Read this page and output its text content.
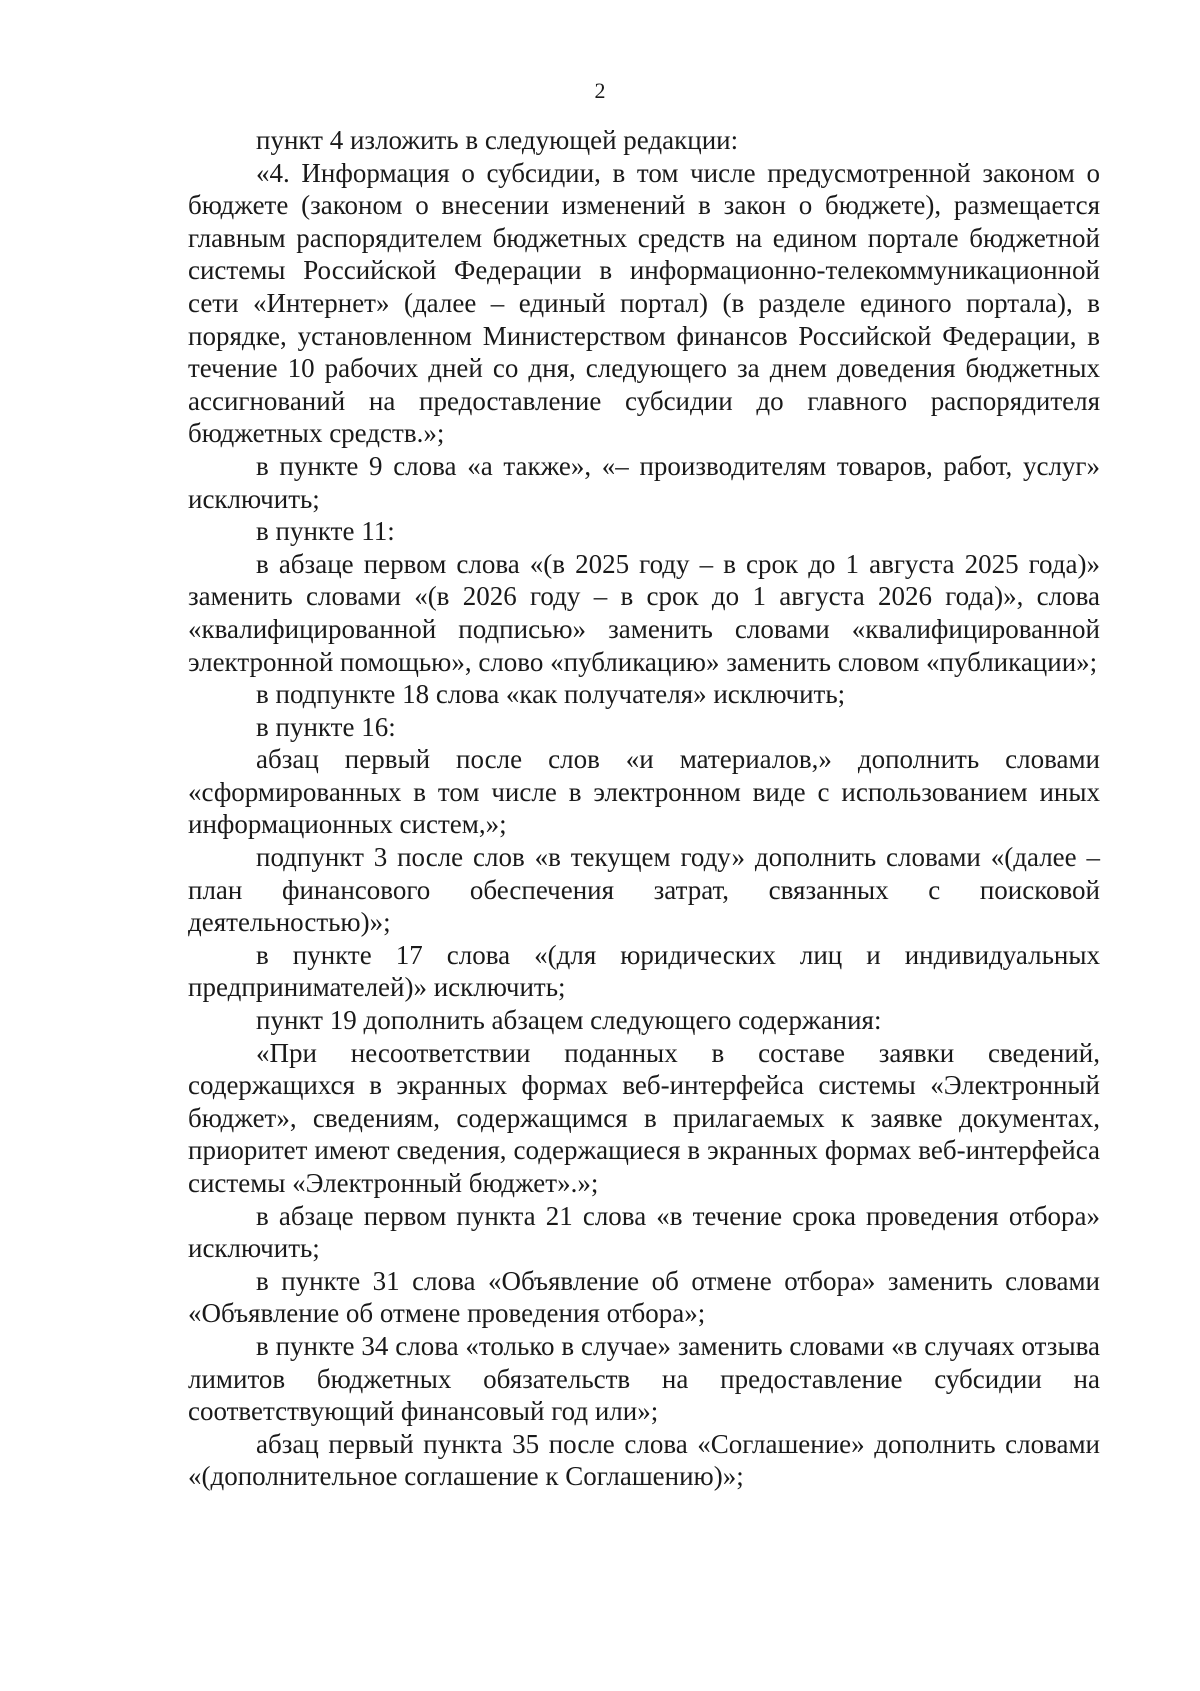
2

пункт 4 изложить в следующей редакции:

«4. Информация о субсидии, в том числе предусмотренной законом о бюджете (законом о внесении изменений в закон о бюджете), размещается главным распорядителем бюджетных средств на едином портале бюджетной системы Российской Федерации в информационно-телекоммуникационной сети «Интернет» (далее – единый портал) (в разделе единого портала), в порядке, установленном Министерством финансов Российской Федерации, в течение 10 рабочих дней со дня, следующего за днем доведения бюджетных ассигнований на предоставление субсидии до главного распорядителя бюджетных средств.»;

в пункте 9 слова «а также», «– производителям товаров, работ, услуг» исключить;

в пункте 11:

в абзаце первом слова «(в 2025 году – в срок до 1 августа 2025 года)» заменить словами «(в 2026 году – в срок до 1 августа 2026 года)», слова «квалифицированной подписью» заменить словами «квалифицированной электронной помощью», слово «публикацию» заменить словом «публикации»;

в подпункте 18 слова «как получателя» исключить;

в пункте 16:

абзац первый после слов «и материалов,» дополнить словами «сформированных в том числе в электронном виде с использованием иных информационных систем,»;

подпункт 3 после слов «в текущем году» дополнить словами «(далее – план финансового обеспечения затрат, связанных с поисковой деятельностью)»;

в пункте 17 слова «(для юридических лиц и индивидуальных предпринимателей)» исключить;

пункт 19 дополнить абзацем следующего содержания:

«При несоответствии поданных в составе заявки сведений, содержащихся в экранных формах веб-интерфейса системы «Электронный бюджет», сведениям, содержащимся в прилагаемых к заявке документах, приоритет имеют сведения, содержащиеся в экранных формах веб-интерфейса системы «Электронный бюджет».»;

в абзаце первом пункта 21 слова «в течение срока проведения отбора» исключить;

в пункте 31 слова «Объявление об отмене отбора» заменить словами «Объявление об отмене проведения отбора»;

в пункте 34 слова «только в случае» заменить словами «в случаях отзыва лимитов бюджетных обязательств на предоставление субсидии на соответствующий финансовый год или»;

абзац первый пункта 35 после слова «Соглашение» дополнить словами «(дополнительное соглашение к Соглашению)»;
